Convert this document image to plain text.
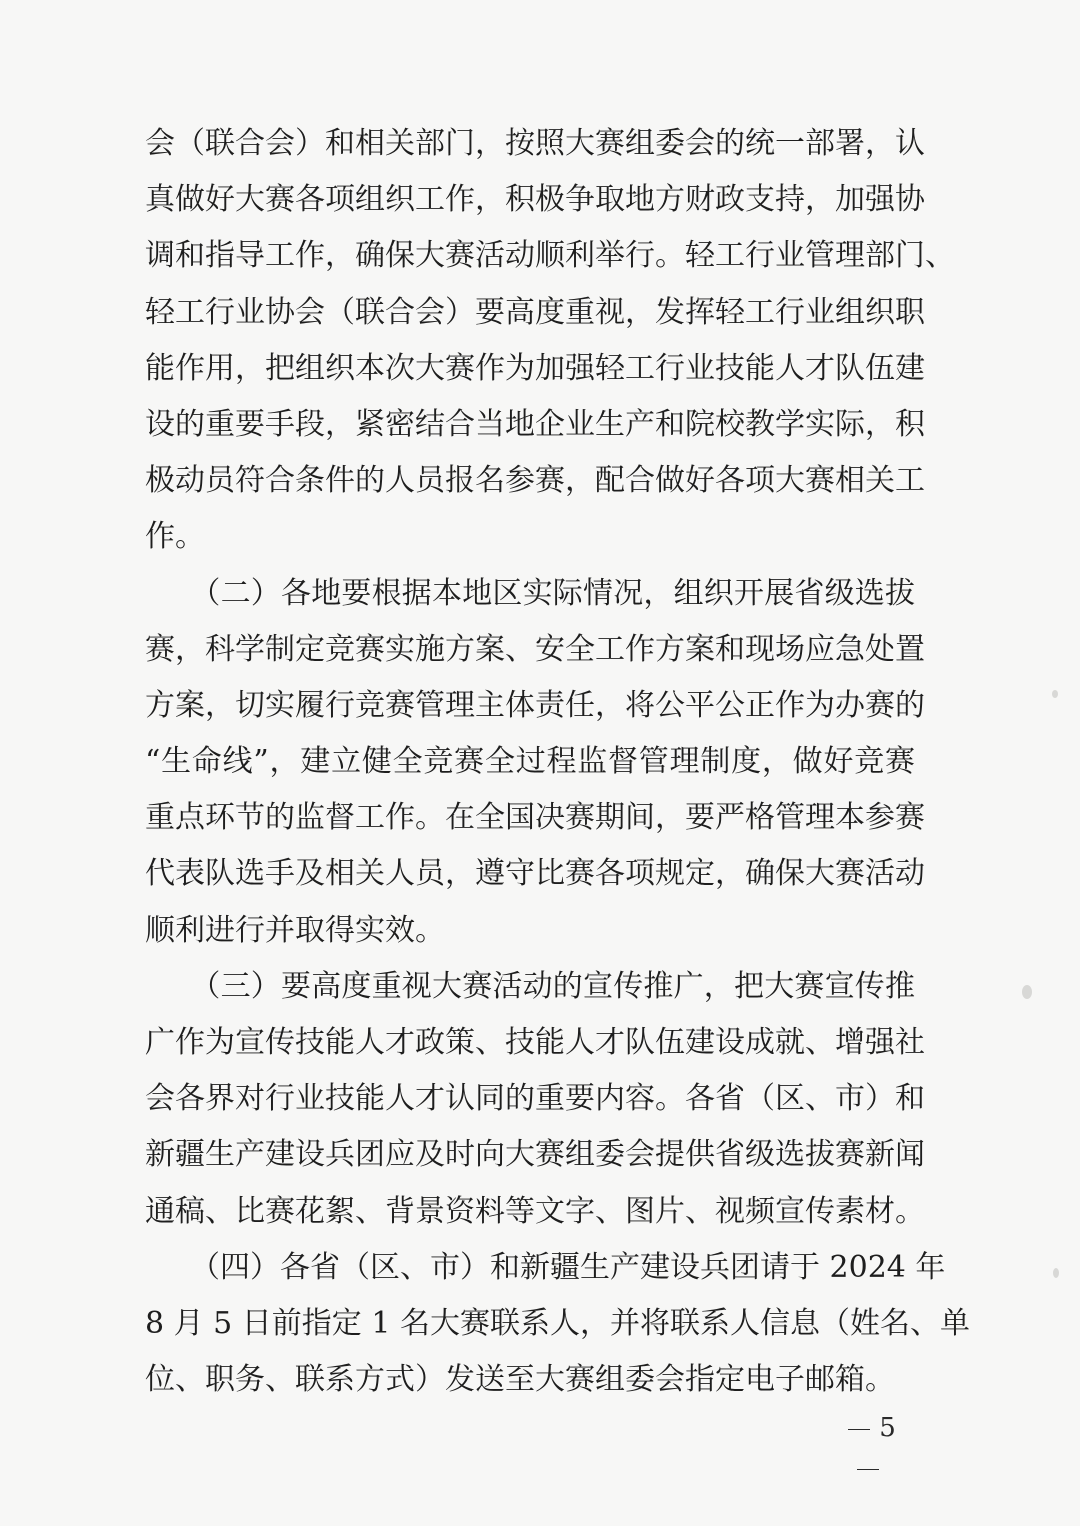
会（联合会）和相关部门，按照大赛组委会的统一部署，认
真做好大赛各项组织工作，积极争取地方财政支持，加强协
调和指导工作，确保大赛活动顺利举行。轻工行业管理部门、
轻工行业协会（联合会）要高度重视，发挥轻工行业组织职
能作用，把组织本次大赛作为加强轻工行业技能人才队伍建
设的重要手段，紧密结合当地企业生产和院校教学实际，积
极动员符合条件的人员报名参赛，配合做好各项大赛相关工
作。
　　（二）各地要根据本地区实际情况，组织开展省级选拔
赛，科学制定竞赛实施方案、安全工作方案和现场应急处置
方案，切实履行竞赛管理主体责任，将公平公正作为办赛的
“生命线”，建立健全竞赛全过程监督管理制度，做好竞赛
重点环节的监督工作。在全国决赛期间，要严格管理本参赛
代表队选手及相关人员，遵守比赛各项规定，确保大赛活动
顺利进行并取得实效。
　　（三）要高度重视大赛活动的宣传推广，把大赛宣传推
广作为宣传技能人才政策、技能人才队伍建设成就、增强社
会各界对行业技能人才认同的重要内容。各省（区、市）和
新疆生产建设兵团应及时向大赛组委会提供省级选拔赛新闻
通稿、比赛花絮、背景资料等文字、图片、视频宣传素材。
　　（四）各省（区、市）和新疆生产建设兵团请于 2024 年
8 月 5 日前指定 1 名大赛联系人，并将联系人信息（姓名、单
位、职务、联系方式）发送至大赛组委会指定电子邮箱。
5
